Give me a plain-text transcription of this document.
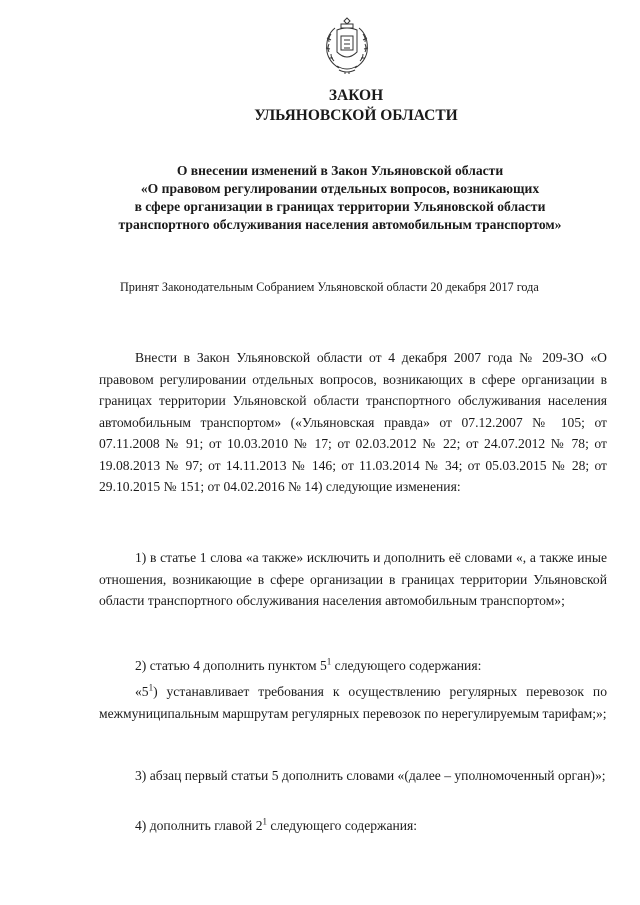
ЗАКОН
УЛЬЯНОВСКОЙ ОБЛАСТИ
О внесении изменений в Закон Ульяновской области
«О правовом регулировании отдельных вопросов, возникающих
в сфере организации в границах территории Ульяновской области
транспортного обслуживания населения автомобильным транспортом»
Принят Законодательным Собранием Ульяновской области 20 декабря 2017 года
Внести в Закон Ульяновской области от 4 декабря 2007 года № 209-ЗО «О правовом регулировании отдельных вопросов, возникающих в сфере организации в границах территории Ульяновской области транспортного обслуживания населения автомобильным транспортом» («Ульяновская правда» от 07.12.2007 № 105; от 07.11.2008 № 91; от 10.03.2010 № 17; от 02.03.2012 № 22; от 24.07.2012 № 78; от 19.08.2013 № 97; от 14.11.2013 № 146; от 11.03.2014 № 34; от 05.03.2015 № 28; от 29.10.2015 № 151; от 04.02.2016 № 14) следующие изменения:
1) в статье 1 слова «а также» исключить и дополнить её словами «, а также иные отношения, возникающие в сфере организации в границах территории Ульяновской области транспортного обслуживания населения автомобильным транспортом»;
2) статью 4 дополнить пунктом $5^1$ следующего содержания:
«$5^1$) устанавливает требования к осуществлению регулярных перевозок по межмуниципальным маршрутам регулярных перевозок по нерегулируемым тарифам;»;
3) абзац первый статьи 5 дополнить словами «(далее – уполномоченный орган)»;
4) дополнить главой $2^1$ следующего содержания:
